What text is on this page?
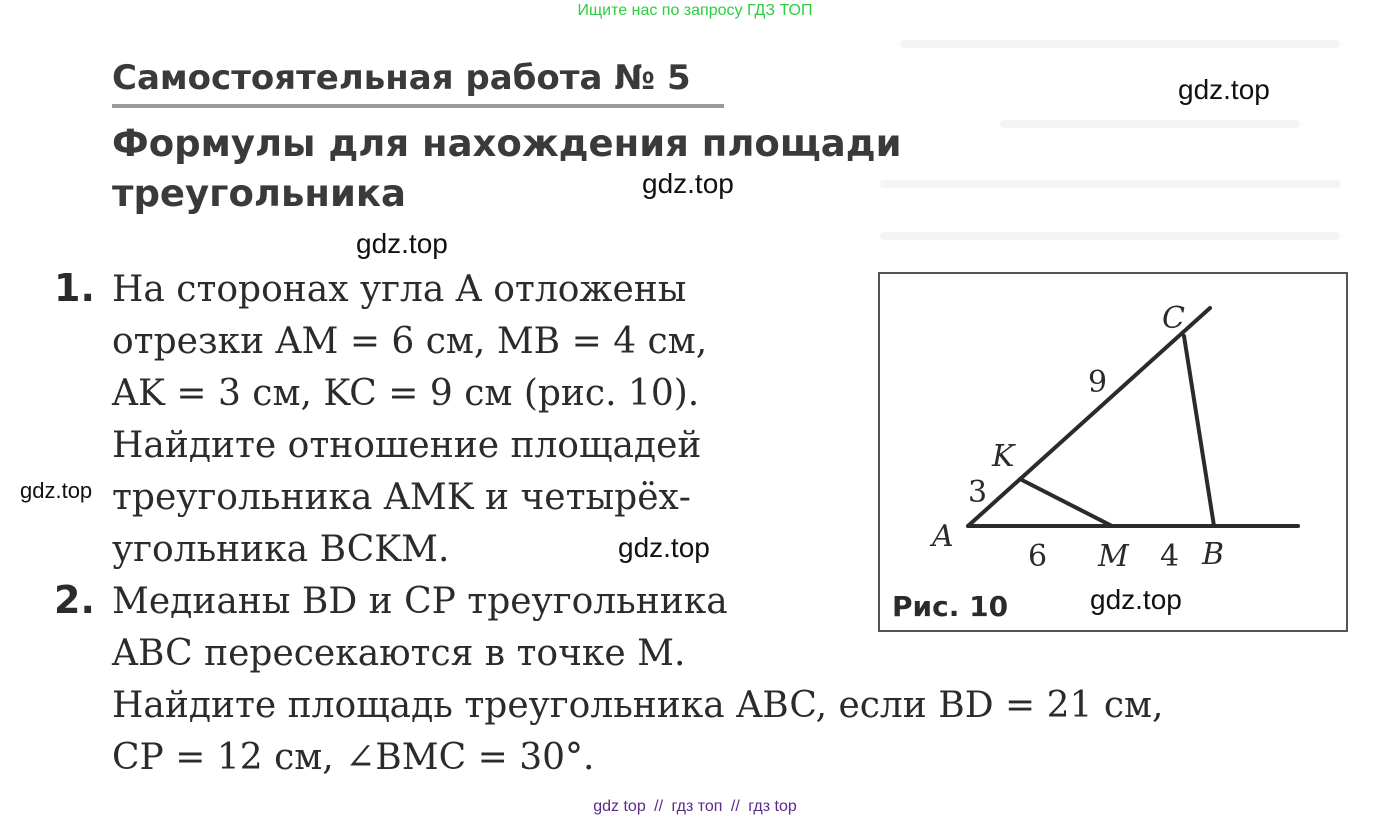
Ищите нас по запросу ГДЗ ТОП
Самостоятельная работа № 5
Формулы для нахождения площади
треугольника
1. На сторонах угла A отложены
отрезки AM = 6 см, MB = 4 см,
AK = 3 см, KC = 9 см (рис. 10).
Найдите отношение площадей
треугольника AMK и четырёх-
угольника BCKM.
2. Медианы BD и CP треугольника
ABC пересекаются в точке M.
Найдите площадь треугольника ABC, если BD = 21 см,
CP = 12 см, ∠BMC = 30°.
C
9
K
3
A
6 M 4 B
Рис. 10
gdz.top
gdz.top
gdz.top
gdz.top
gdz.top
gdz.top
gdz top // гдз топ // гдз top
